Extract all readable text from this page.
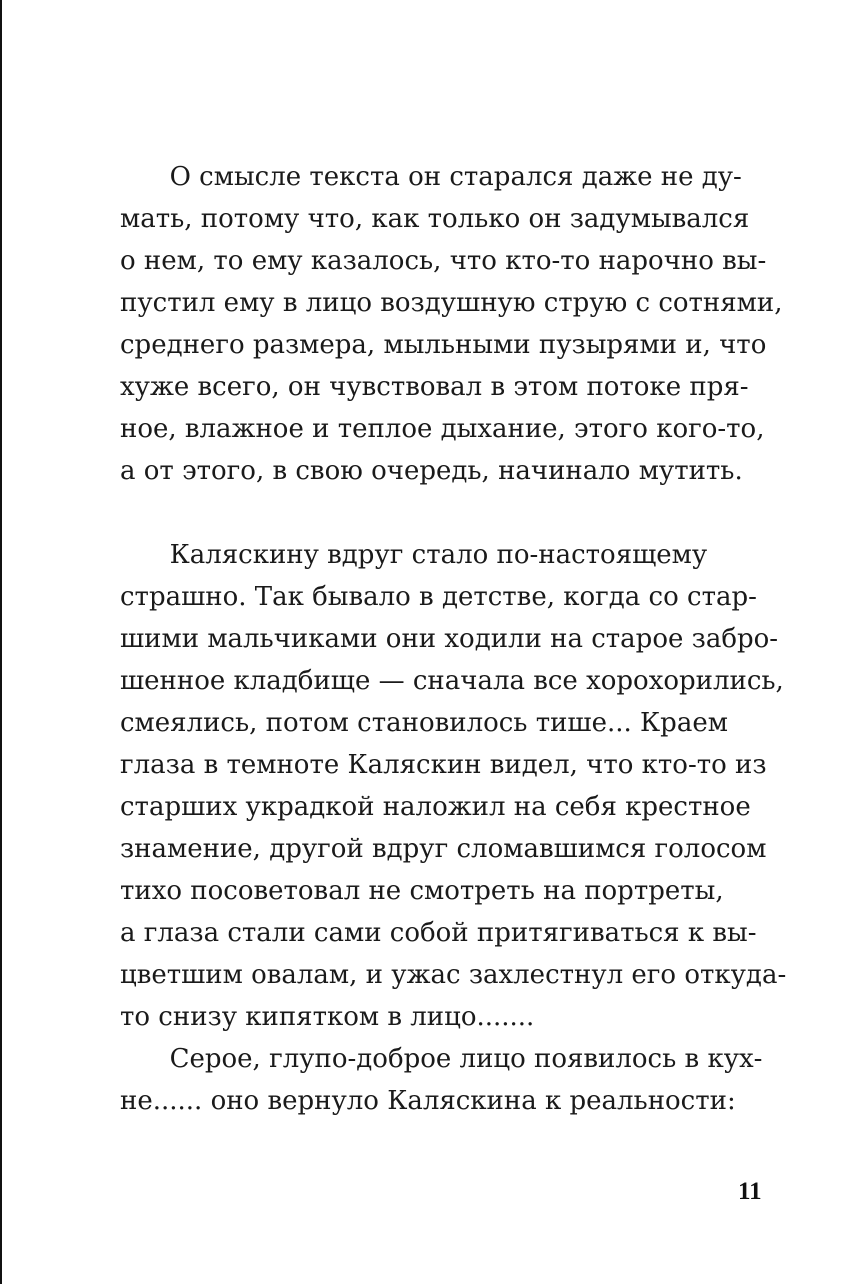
О смысле текста он старался даже не ду-
мать, потому что, как только он задумывался
о нем, то ему казалось, что кто-то нарочно вы-
пустил ему в лицо воздушную струю с сотнями,
среднего размера, мыльными пузырями и, что
хуже всего, он чувствовал в этом потоке пря-
ное, влажное и теплое дыхание, этого кого-то,
а от этого, в свою очередь, начинало мутить.
Каляскину вдруг стало по-настоящему
страшно. Так бывало в детстве, когда со стар-
шими мальчиками они ходили на старое забро-
шенное кладбище — сначала все хорохорились,
смеялись, потом становилось тише... Краем
глаза в темноте Каляскин видел, что кто-то из
старших украдкой наложил на себя крестное
знамение, другой вдруг сломавшимся голосом
тихо посоветовал не смотреть на портреты,
а глаза стали сами собой притягиваться к вы-
цветшим овалам, и ужас захлестнул его откуда-
то снизу кипятком в лицо.......
Серое, глупо-доброе лицо появилось в кух-
не...... оно вернуло Каляскина к реальности:
11
